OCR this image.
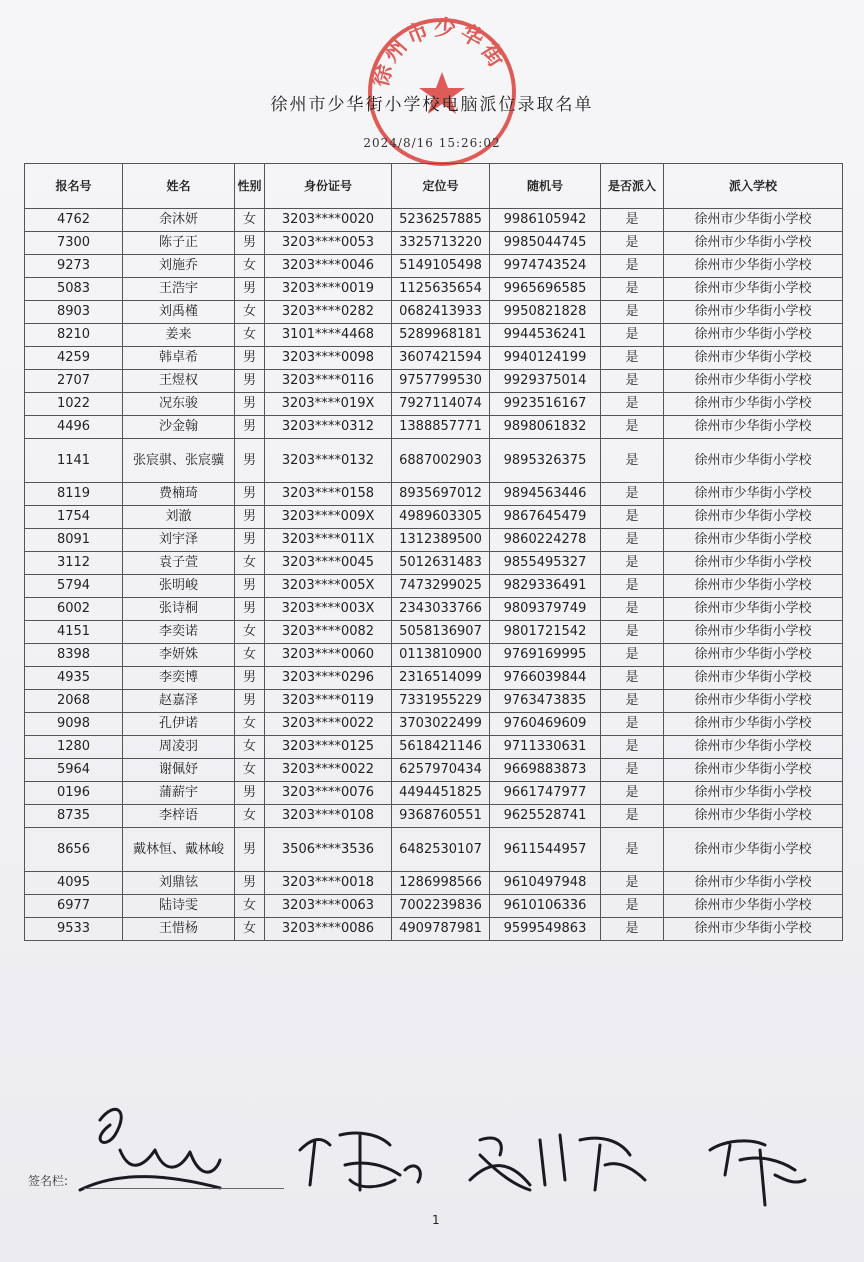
徐州市少华街
徐州市少华街小学校电脑派位录取名单
2024/8/16 15:26:02
报名号	姓名	性别	身份证号	定位号	随机号	是否派入	派入学校
4762	余沐妍	女	3203****0020	5236257885	9986105942	是	徐州市少华街小学校
7300	陈子正	男	3203****0053	3325713220	9985044745	是	徐州市少华街小学校
9273	刘施乔	女	3203****0046	5149105498	9974743524	是	徐州市少华街小学校
5083	王浩宇	男	3203****0019	1125635654	9965696585	是	徐州市少华街小学校
8903	刘禹槿	女	3203****0282	0682413933	9950821828	是	徐州市少华街小学校
8210	姜来	女	3101****4468	5289968181	9944536241	是	徐州市少华街小学校
4259	韩卓希	男	3203****0098	3607421594	9940124199	是	徐州市少华街小学校
2707	王煜权	男	3203****0116	9757799530	9929375014	是	徐州市少华街小学校
1022	况东骏	男	3203****019X	7927114074	9923516167	是	徐州市少华街小学校
4496	沙金翰	男	3203****0312	1388857771	9898061832	是	徐州市少华街小学校
1141	张宸骐、张宸骥	男	3203****0132	6887002903	9895326375	是	徐州市少华街小学校
8119	费楠琦	男	3203****0158	8935697012	9894563446	是	徐州市少华街小学校
1754	刘澈	男	3203****009X	4989603305	9867645479	是	徐州市少华街小学校
8091	刘宇泽	男	3203****011X	1312389500	9860224278	是	徐州市少华街小学校
3112	袁子萱	女	3203****0045	5012631483	9855495327	是	徐州市少华街小学校
5794	张明峻	男	3203****005X	7473299025	9829336491	是	徐州市少华街小学校
6002	张诗桐	男	3203****003X	2343033766	9809379749	是	徐州市少华街小学校
4151	李奕诺	女	3203****0082	5058136907	9801721542	是	徐州市少华街小学校
8398	李妍姝	女	3203****0060	0113810900	9769169995	是	徐州市少华街小学校
4935	李奕博	男	3203****0296	2316514099	9766039844	是	徐州市少华街小学校
2068	赵嘉泽	男	3203****0119	7331955229	9763473835	是	徐州市少华街小学校
9098	孔伊诺	女	3203****0022	3703022499	9760469609	是	徐州市少华街小学校
1280	周凌羽	女	3203****0125	5618421146	9711330631	是	徐州市少华街小学校
5964	谢佩妤	女	3203****0022	6257970434	9669883873	是	徐州市少华街小学校
0196	蒲薪宇	男	3203****0076	4494451825	9661747977	是	徐州市少华街小学校
8735	李梓语	女	3203****0108	9368760551	9625528741	是	徐州市少华街小学校
8656	戴林恒、戴林峻	男	3506****3536	6482530107	9611544957	是	徐州市少华街小学校
4095	刘鼎铉	男	3203****0018	1286998566	9610497948	是	徐州市少华街小学校
6977	陆诗雯	女	3203****0063	7002239836	9610106336	是	徐州市少华街小学校
9533	王惜杨	女	3203****0086	4909787981	9599549863	是	徐州市少华街小学校
签名栏:
1
